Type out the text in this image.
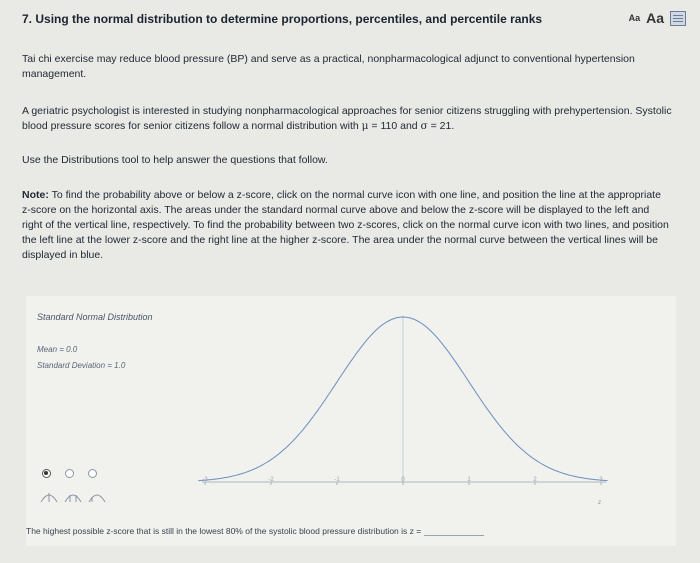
7. Using the normal distribution to determine proportions, percentiles, and percentile ranks	Aa Aa
Tai chi exercise may reduce blood pressure (BP) and serve as a practical, nonpharmacological adjunct to conventional hypertension management.
A geriatric psychologist is interested in studying nonpharmacological approaches for senior citizens struggling with prehypertension. Systolic blood pressure scores for senior citizens follow a normal distribution with μ = 110 and σ = 21.
Use the Distributions tool to help answer the questions that follow.
Note: To find the probability above or below a z-score, click on the normal curve icon with one line, and position the line at the appropriate z-score on the horizontal axis. The areas under the standard normal curve above and below the z-score will be displayed to the left and right of the vertical line, respectively. To find the probability between two z-scores, click on the normal curve icon with two lines, and position the left line at the lower z-score and the right line at the higher z-score. The area under the normal curve between the vertical lines will be displayed in blue.
Standard Normal Distribution
Mean = 0.0
Standard Deviation = 1.0
-3	-2	-1	0	1	2	3
z
The highest possible z-score that is still in the lowest 80% of the systolic blood pressure distribution is z =
